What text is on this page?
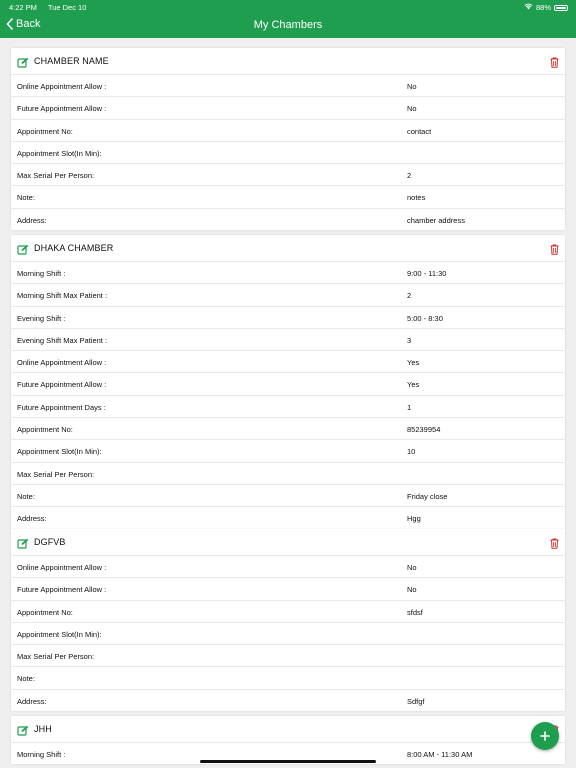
4:22 PM Tue Dec 10	88%
Back	My Chambers
CHAMBER NAME
Online Appointment Allow :	No
Future Appointment Allow :	No
Appointment No:	contact
Appointment Slot(In Min):
Max Serial Per Person:	2
Note:	notes
Address:	chamber address
DHAKA CHAMBER
Morning Shift :	9:00 - 11:30
Morning Shift Max Patient :	2
Evening Shift :	5:00 - 8:30
Evening Shift Max Patient :	3
Online Appointment Allow :	Yes
Future Appointment Allow :	Yes
Future Appointment Days :	1
Appointment No:	85239954
Appointment Slot(In Min):	10
Max Serial Per Person:
Note:	Friday close
Address:	Hgg
DGFVB
Online Appointment Allow :	No
Future Appointment Allow :	No
Appointment No:	sfdsf
Appointment Slot(In Min):
Max Serial Per Person:
Note:
Address:	Sdfgf
JHH
Morning Shift :	8:00 AM - 11:30 AM
